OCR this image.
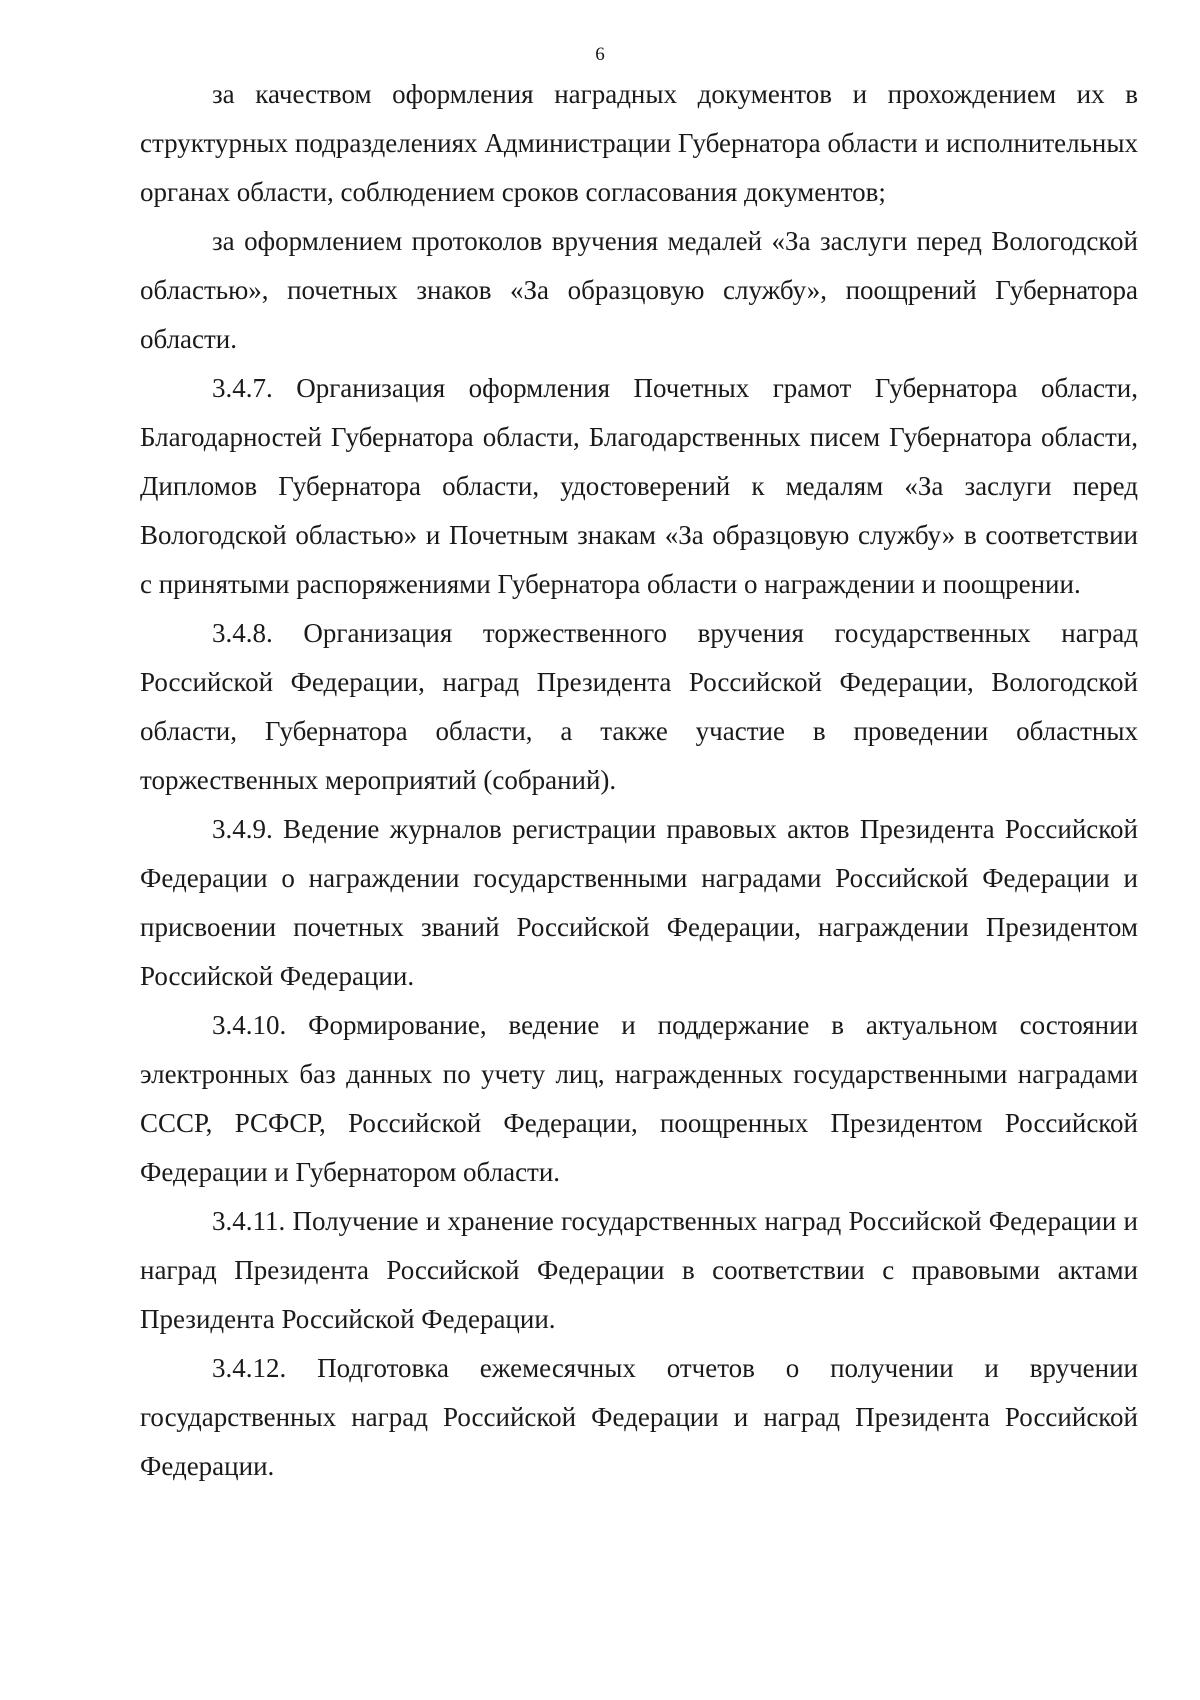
6

за качеством оформления наградных документов и прохождением их в структурных подразделениях Администрации Губернатора области и исполнительных органах области, соблюдением сроков согласования документов;

за оформлением протоколов вручения медалей «За заслуги перед Вологодской областью», почетных знаков «За образцовую службу», поощрений Губернатора области.

3.4.7. Организация оформления Почетных грамот Губернатора области, Благодарностей Губернатора области, Благодарственных писем Губернатора области, Дипломов Губернатора области, удостоверений к медалям «За заслуги перед Вологодской областью» и Почетным знакам «За образцовую службу» в соответствии с принятыми распоряжениями Губернатора области о награждении и поощрении.

3.4.8. Организация торжественного вручения государственных наград Российской Федерации, наград Президента Российской Федерации, Вологодской области, Губернатора области, а также участие в проведении областных торжественных мероприятий (собраний).

3.4.9. Ведение журналов регистрации правовых актов Президента Российской Федерации о награждении государственными наградами Российской Федерации и присвоении почетных званий Российской Федерации, награждении Президентом Российской Федерации.

3.4.10. Формирование, ведение и поддержание в актуальном состоянии электронных баз данных по учету лиц, награжденных государственными наградами СССР, РСФСР, Российской Федерации, поощренных Президентом Российской Федерации и Губернатором области.

3.4.11. Получение и хранение государственных наград Российской Федерации и наград Президента Российской Федерации в соответствии с правовыми актами Президента Российской Федерации.

3.4.12. Подготовка ежемесячных отчетов о получении и вручении государственных наград Российской Федерации и наград Президента Российской Федерации.
